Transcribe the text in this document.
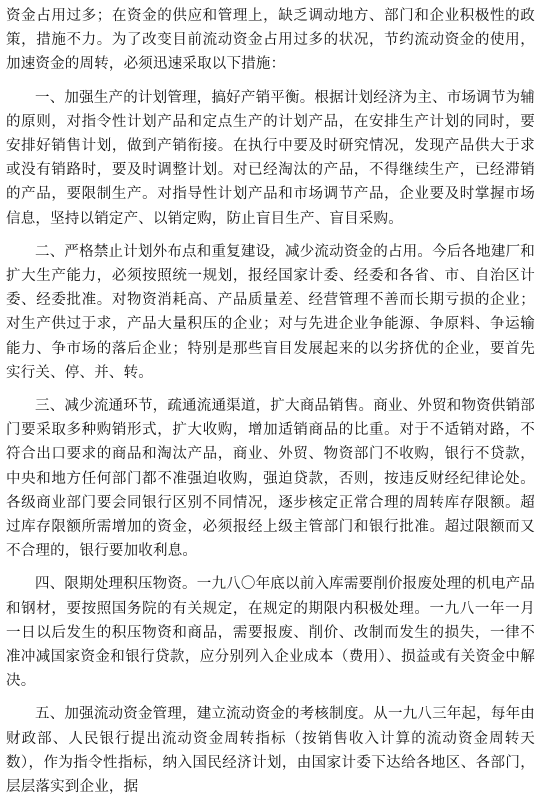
资金占用过多；在资金的供应和管理上，缺乏调动地方、部门和企业积极性的政策，措施不力。为了改变目前流动资金占用过多的状况，节约流动资金的使用，加速资金的周转，必须迅速采取以下措施：

一、加强生产的计划管理，搞好产销平衡。根据计划经济为主、市场调节为辅的原则，对指令性计划产品和定点生产的计划产品，在安排生产计划的同时，要安排好销售计划，做到产销衔接。在执行中要及时研究情况，发现产品供大于求或没有销路时，要及时调整计划。对已经淘汰的产品，不得继续生产，已经滞销的产品，要限制生产。对指导性计划产品和市场调节产品，企业要及时掌握市场信息，坚持以销定产、以销定购，防止盲目生产、盲目采购。

二、严格禁止计划外布点和重复建设，减少流动资金的占用。今后各地建厂和扩大生产能力，必须按照统一规划，报经国家计委、经委和各省、市、自治区计委、经委批准。对物资消耗高、产品质量差、经营管理不善而长期亏损的企业；对生产供过于求，产品大量积压的企业；对与先进企业争能源、争原料、争运输能力、争市场的落后企业；特别是那些盲目发展起来的以劣挤优的企业，要首先实行关、停、并、转。

三、减少流通环节，疏通流通渠道，扩大商品销售。商业、外贸和物资供销部门要采取多种购销形式，扩大收购，增加适销商品的比重。对于不适销对路，不符合出口要求的商品和淘汰产品，商业、外贸、物资部门不收购，银行不贷款，中央和地方任何部门都不准强迫收购，强迫贷款，否则，按违反财经纪律论处。各级商业部门要会同银行区别不同情况，逐步核定正常合理的周转库存限额。超过库存限额所需增加的资金，必须报经上级主管部门和银行批准。超过限额而又不合理的，银行要加收利息。

四、限期处理积压物资。一九八〇年底以前入库需要削价报废处理的机电产品和钢材，要按照国务院的有关规定，在规定的期限内积极处理。一九八一年一月一日以后发生的积压物资和商品，需要报废、削价、改制而发生的损失，一律不准冲减国家资金和银行贷款，应分别列入企业成本（费用）、损益或有关资金中解决。

五、加强流动资金管理，建立流动资金的考核制度。从一九八三年起，每年由财政部、人民银行提出流动资金周转指标（按销售收入计算的流动资金周转天数），作为指令性指标，纳入国民经济计划，由国家计委下达给各地区、各部门，层层落实到企业，据
